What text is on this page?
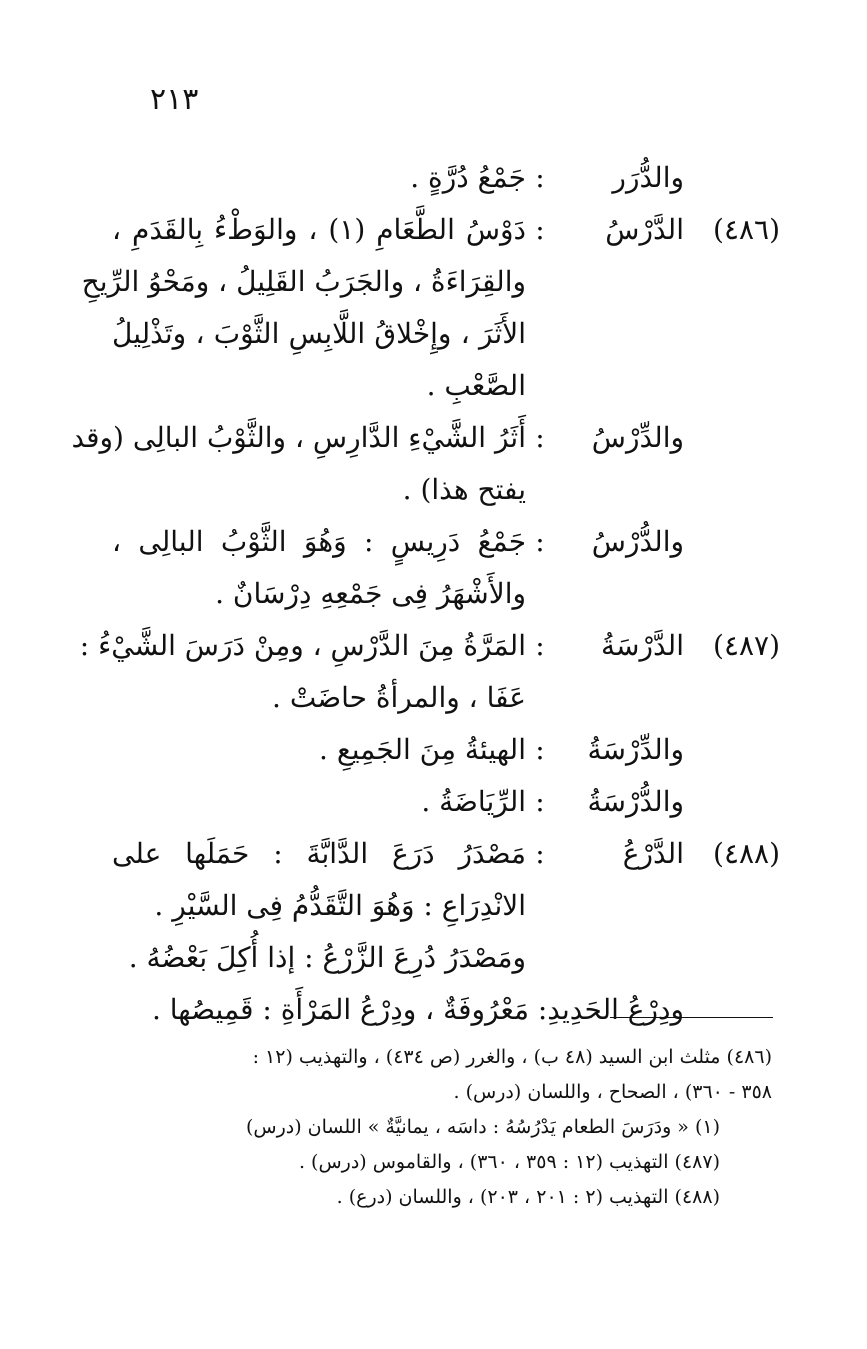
٢١٣
والدُّرَر
:
جَمْعُ دُرَّةٍ .
(٤٨٦)
الدَّرْسُ
:
دَوْسُ الطَّعَامِ (١) ، والوَطْءُ بِالقَدَمِ ،
والقِرَاءَةُ ، والجَرَبُ القَلِيلُ ، ومَحْوُ الرِّيحِ
الأَثَرَ ، وإِخْلاقُ اللَّابِسِ الثَّوْبَ ، وتَذْلِيلُ
الصَّعْبِ .
والدِّرْسُ
:
أَثَرُ الشَّيْءِ الدَّارِسِ ، والثَّوْبُ البالِى (وقد
يفتح هذا) .
والدُّرْسُ
:
جَمْعُ دَرِيسٍ : وَهُوَ الثَّوْبُ البالِى ،
والأَشْهَرُ فِى جَمْعِهِ دِرْسَانٌ .
(٤٨٧)
الدَّرْسَةُ
:
المَرَّةُ مِنَ الدَّرْسِ ، ومِنْ دَرَسَ الشَّيْءُ :
عَفَا ، والمرأةُ حاضَتْ .
والدِّرْسَةُ
:
الهيئةُ مِنَ الجَمِيعِ .
والدُّرْسَةُ
:
الرِّيَاضَةُ .
(٤٨٨)
الدَّرْعُ
:
مَصْدَرُ دَرَعَ الدَّابَّةَ : حَمَلَها على
الانْدِرَاعِ : وَهُوَ التَّقَدُّمُ فِى السَّيْرِ .
ومَصْدَرُ دُرِعَ الزَّرْعُ : إذا أُكِلَ بَعْضُهُ .
ودِرْعُ الحَدِيدِ: مَعْرُوفَةٌ ، ودِرْعُ المَرْأَةِ : قَمِيصُها .
(٤٨٦) مثلث ابن السيد (٤٨ ب) ، والغرر (ص ٤٣٤) ، والتهذيب (١٢ :
٣٥٨ - ٣٦٠) ، الصحاح ، واللسان (درس) .
(١) « ودَرَسَ الطعام يَدْرُسُهُ : داسَه ، يمانيَّةٌ » اللسان (درس)
(٤٨٧) التهذيب (١٢ : ٣٥٩ ، ٣٦٠) ، والقاموس (درس) .
(٤٨٨) التهذيب (٢ : ٢٠١ ، ٢٠٣) ، واللسان (درع) .
